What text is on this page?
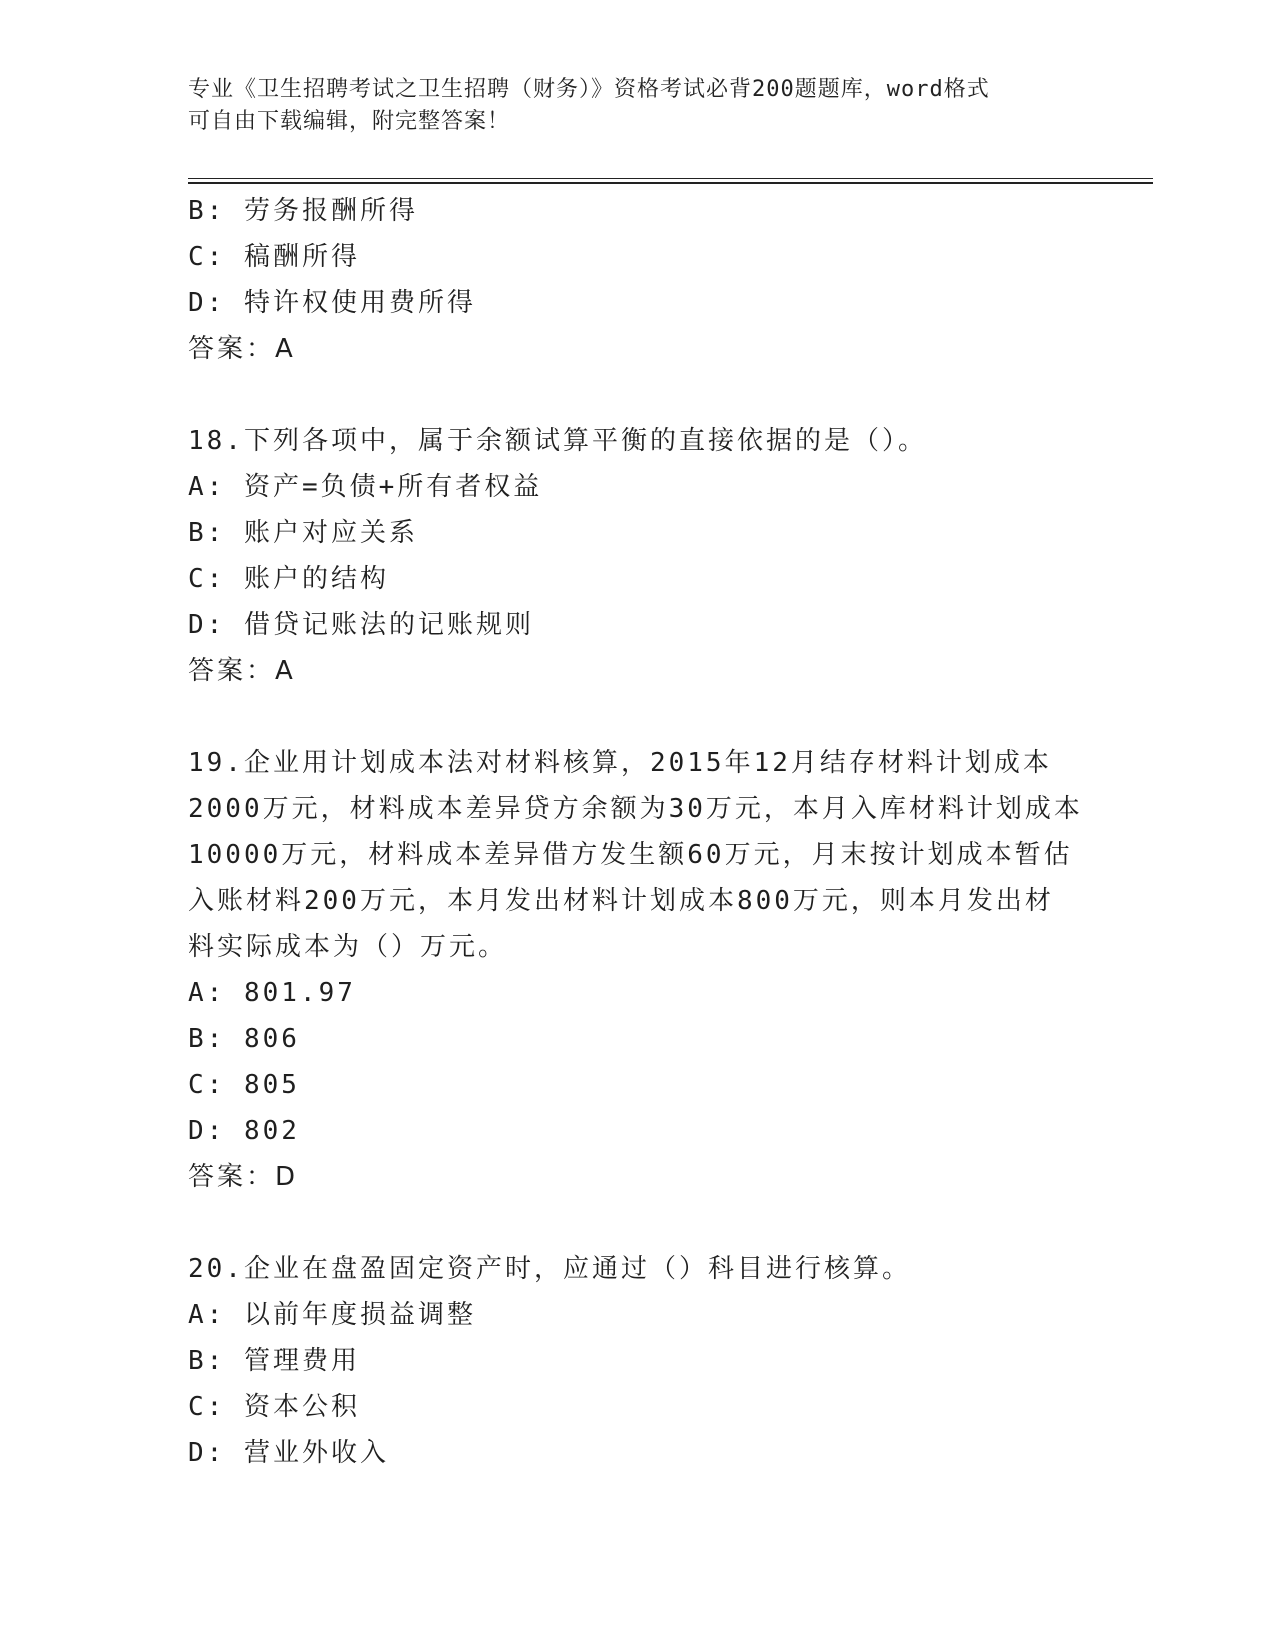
专业《卫生招聘考试之卫生招聘（财务）》资格考试必背200题题库，word格式
可自由下载编辑，附完整答案！
B: 劳务报酬所得
C: 稿酬所得
D: 特许权使用费所得
答案：A
18.下列各项中，属于余额试算平衡的直接依据的是（）。
A: 资产=负债+所有者权益
B: 账户对应关系
C: 账户的结构
D: 借贷记账法的记账规则
答案：A
19.企业用计划成本法对材料核算，2015年12月结存材料计划成本
2000万元，材料成本差异贷方余额为30万元，本月入库材料计划成本
10000万元，材料成本差异借方发生额60万元，月末按计划成本暂估
入账材料200万元，本月发出材料计划成本800万元，则本月发出材
料实际成本为（）万元。
A: 801.97
B: 806
C: 805
D: 802
答案：D
20.企业在盘盈固定资产时，应通过（）科目进行核算。
A: 以前年度损益调整
B: 管理费用
C: 资本公积
D: 营业外收入
